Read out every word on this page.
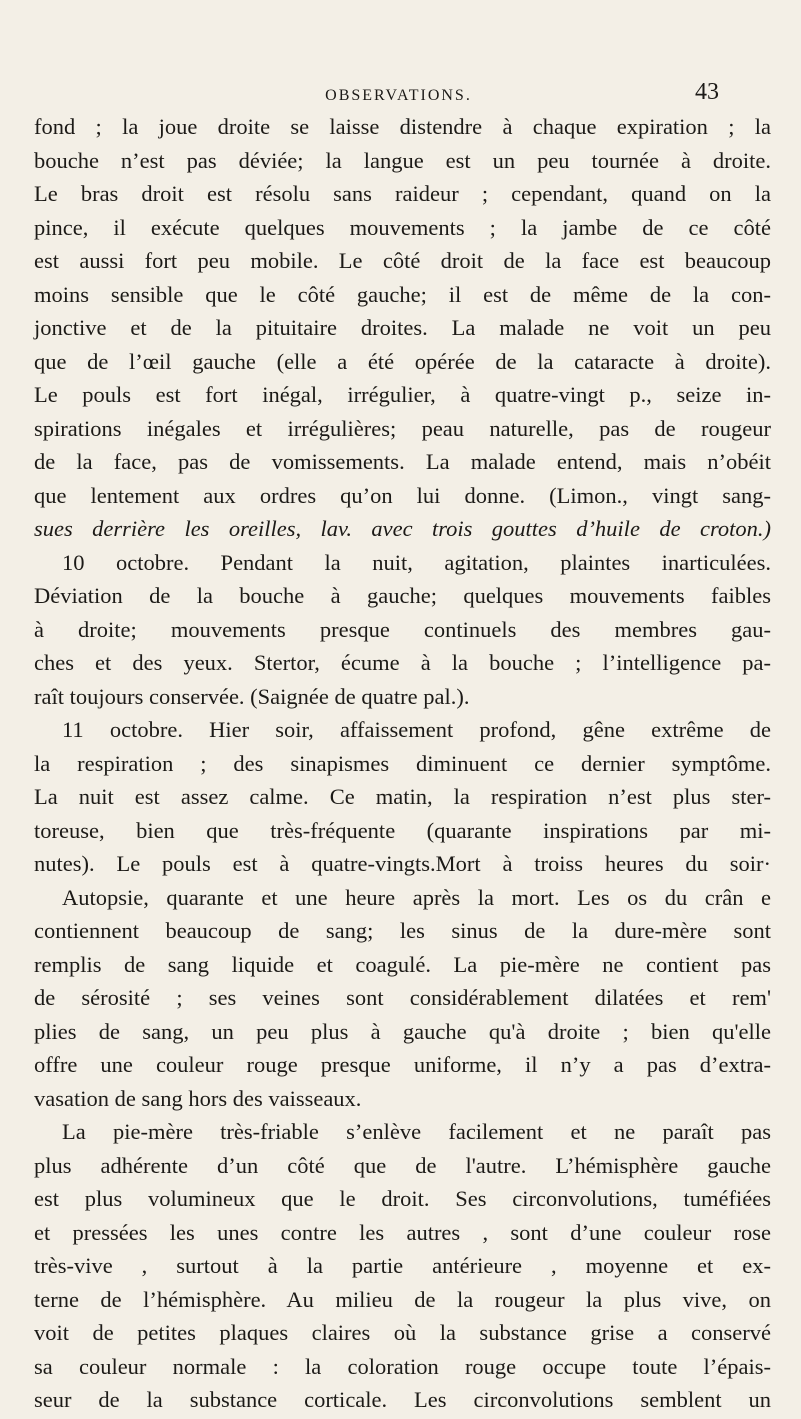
OBSERVATIONS.	43
fond ; la joue droite se laisse distendre à chaque expiration ; la
bouche n’est pas déviée; la langue est un peu tournée à droite.
Le bras droit est résolu sans raideur ; cependant, quand on la
pince, il exécute quelques mouvements ; la jambe de ce côté
est aussi fort peu mobile. Le côté droit de la face est beaucoup
moins sensible que le côté gauche; il est de même de la con-
jonctive et de la pituitaire droites. La malade ne voit un peu
que de l’œil gauche (elle a été opérée de la cataracte à droite).
Le pouls est fort inégal, irrégulier, à quatre-vingt p., seize in-
spirations inégales et irrégulières; peau naturelle, pas de rougeur
de la face, pas de vomissements. La malade entend, mais n’obéit
que lentement aux ordres qu’on lui donne. (Limon., vingt sang-
sues derrière les oreilles, lav. avec trois gouttes d’huile de croton.)
10 octobre. Pendant la nuit, agitation, plaintes inarticulées.
Déviation de la bouche à gauche; quelques mouvements faibles
à droite; mouvements presque continuels des membres gau-
ches et des yeux. Stertor, écume à la bouche ; l’intelligence pa-
raît toujours conservée. (Saignée de quatre pal.).
11 octobre. Hier soir, affaissement profond, gêne extrême de
la respiration ; des sinapismes diminuent ce dernier symptôme.
La nuit est assez calme. Ce matin, la respiration n’est plus ster-
toreuse, bien que très-fréquente (quarante inspirations par mi-
nutes). Le pouls est à quatre-vingts.Mort à troiss heures du soir·
Autopsie, quarante et une heure après la mort. Les os du crân e
contiennent beaucoup de sang; les sinus de la dure-mère sont
remplis de sang liquide et coagulé. La pie-mère ne contient pas
de sérosité ; ses veines sont considérablement dilatées et rem'
plies de sang, un peu plus à gauche qu'à droite ; bien qu'elle
offre une couleur rouge presque uniforme, il n’y a pas d’extra-
vasation de sang hors des vaisseaux.
La pie-mère très-friable s’enlève facilement et ne paraît pas
plus adhérente d’un côté que de l'autre. L’hémisphère gauche
est plus volumineux que le droit. Ses circonvolutions, tuméfiées
et pressées les unes contre les autres , sont d’une couleur rose
très-vive , surtout à la partie antérieure , moyenne et ex-
terne de l’hémisphère. Au milieu de la rougeur la plus vive, on
voit de petites plaques claires où la substance grise a conservé
sa couleur normale : la coloration rouge occupe toute l’épais-
seur de la substance corticale. Les circonvolutions semblent un
